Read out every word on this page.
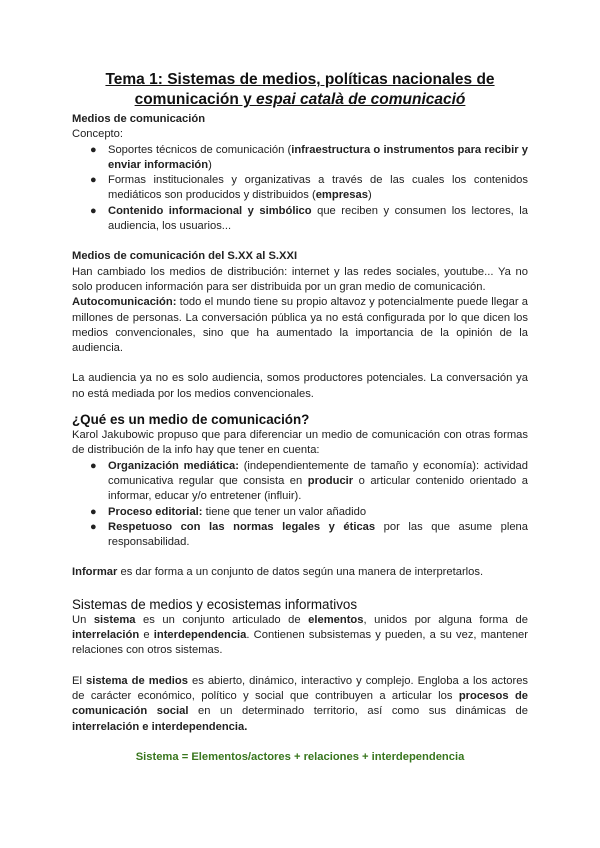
Tema 1: Sistemas de medios, políticas nacionales de
comunicación y espai català de comunicació
Medios de comunicación

Concepto:

● Soportes técnicos de comunicación (infraestructura o instrumentos para recibir y enviar información)
● Formas institucionales y organizativas a través de las cuales los contenidos mediáticos son producidos y distribuidos (empresas)
● Contenido informacional y simbólico que reciben y consumen los lectores, la audiencia, los usuarios...
Medios de comunicación del S.XX al S.XXI

Han cambiado los medios de distribución: internet y las redes sociales, youtube... Ya no solo producen información para ser distribuida por un gran medio de comunicación.

Autocomunicación: todo el mundo tiene su propio altavoz y potencialmente puede llegar a millones de personas. La conversación pública ya no está configurada por lo que dicen los medios convencionales, sino que ha aumentado la importancia de la opinión de la audiencia.

La audiencia ya no es solo audiencia, somos productores potenciales. La conversación ya no está mediada por los medios convencionales.

¿Qué es un medio de comunicación?

Karol Jakubowic propuso que para diferenciar un medio de comunicación con otras formas de distribución de la info hay que tener en cuenta:

● Organización mediática: (independientemente de tamaño y economía): actividad comunicativa regular que consista en producir o articular contenido orientado a informar, educar y/o entretener (influir).
● Proceso editorial: tiene que tener un valor añadido
● Respetuoso con las normas legales y éticas por las que asume plena responsabilidad.

Informar es dar forma a un conjunto de datos según una manera de interpretarlos.

Sistemas de medios y ecosistemas informativos

Un sistema es un conjunto articulado de elementos, unidos por alguna forma de interrelación e interdependencia. Contienen subsistemas y pueden, a su vez, mantener relaciones con otros sistemas.

El sistema de medios es abierto, dinámico, interactivo y complejo. Engloba a los actores de carácter económico, político y social que contribuyen a articular los procesos de comunicación social en un determinado territorio, así como sus dinámicas de interrelación e interdependencia.

Sistema = Elementos/actores + relaciones + interdependencia
